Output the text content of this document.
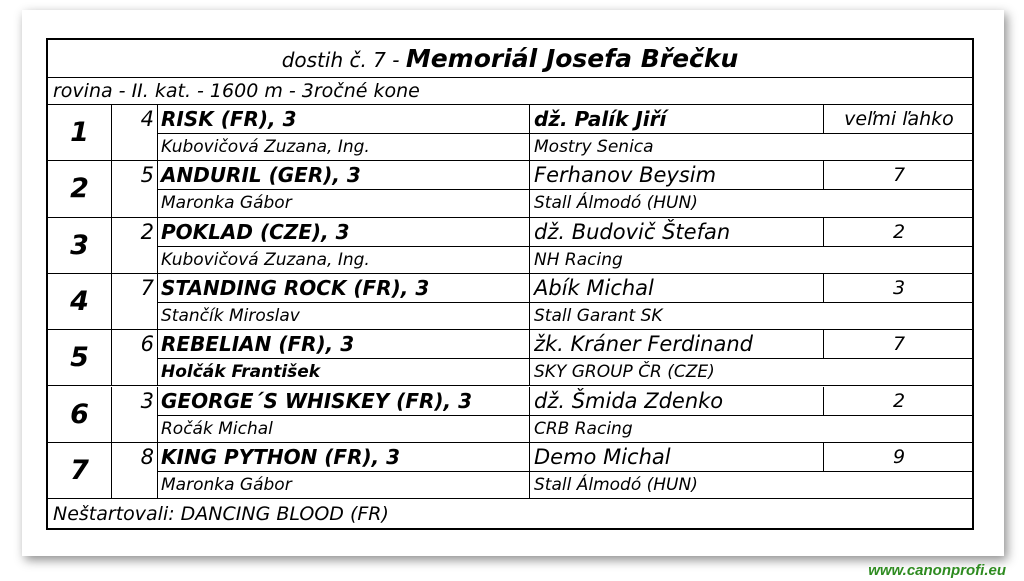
dostih č. 7 - Memoriál Josefa Břečku
rovina - II. kat. - 1600 m - 3ročné kone
1	4 RISK (FR), 3	dž. Palík Jiří	veľmi ľahko
Kubovičová Zuzana, Ing.	Mostry Senica
2	5 ANDURIL (GER), 3	Ferhanov Beysim	7
Maronka Gábor	Stall Álmodó (HUN)
3	2 POKLAD (CZE), 3	dž. Budovič Štefan	2
Kubovičová Zuzana, Ing.	NH Racing
4	7 STANDING ROCK (FR), 3	Abík Michal	3
Stančík Miroslav	Stall Garant SK
5	6 REBELIAN (FR), 3	žk. Kráner Ferdinand	7
Holčák František	SKY GROUP ČR (CZE)
6	3 GEORGE´S WHISKEY (FR), 3	dž. Šmida Zdenko	2
Ročák Michal	CRB Racing
7	8 KING PYTHON (FR), 3	Demo Michal	9
Maronka Gábor	Stall Álmodó (HUN)
Neštartovali: DANCING BLOOD (FR)
www.canonprofi.eu
